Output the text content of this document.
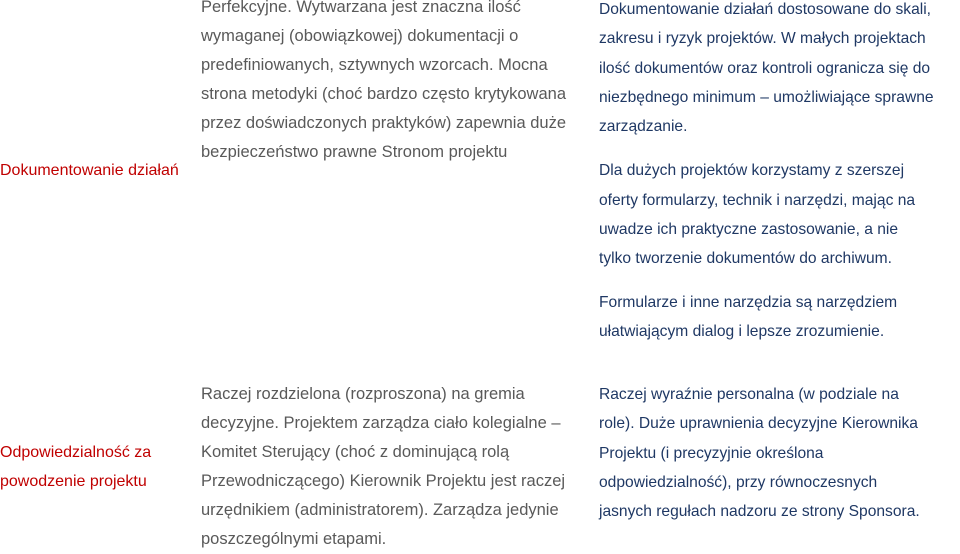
Dokumentowanie działań
Perfekcyjne. Wytwarzana jest znaczna ilość
wymaganej (obowiązkowej) dokumentacji o
predefiniowanych, sztywnych wzorcach. Mocna
strona metodyki (choć bardzo często krytykowana
przez doświadczonych praktyków) zapewnia duże
bezpieczeństwo prawne Stronom projektu
Dokumentowanie działań dostosowane do skali,
zakresu i ryzyk projektów. W małych projektach
ilość dokumentów oraz kontroli ogranicza się do
niezbędnego minimum – umożliwiające sprawne
zarządzanie.
Dla dużych projektów korzystamy z szerszej
oferty formularzy, technik i narzędzi, mając na
uwadze ich praktyczne zastosowanie, a nie
tylko tworzenie dokumentów do archiwum.
Formularze i inne narzędzia są narzędziem
ułatwiającym dialog i lepsze zrozumienie.
Odpowiedzialność za
powodzenie projektu
Raczej rozdzielona (rozproszona) na gremia
decyzyjne. Projektem zarządza ciało kolegialne –
Komitet Sterujący (choć z dominującą rolą
Przewodniczącego) Kierownik Projektu jest raczej
urzędnikiem (administratorem). Zarządza jedynie
poszczególnymi etapami.
Raczej wyraźnie personalna (w podziale na
role). Duże uprawnienia decyzyjne Kierownika
Projektu (i precyzyjnie określona
odpowiedzialność), przy równoczesnych
jasnych regułach nadzoru ze strony Sponsora.
